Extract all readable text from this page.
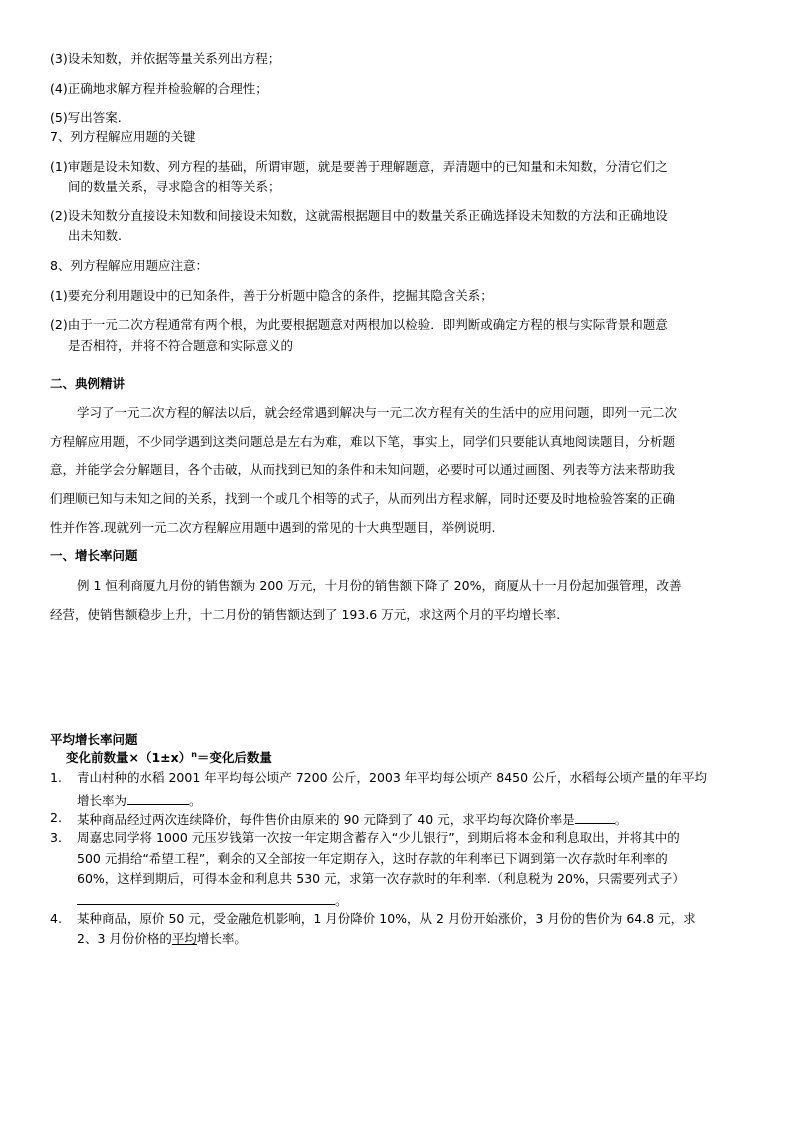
(3)设未知数，并依据等量关系列出方程；
(4)正确地求解方程并检验解的合理性；
(5)写出答案.
7、列方程解应用题的关键
(1)审题是设未知数、列方程的基础，所谓审题，就是要善于理解题意，弄清题中的已知量和未知数，分清它们之
间的数量关系，寻求隐含的相等关系；
(2)设未知数分直接设未知数和间接设未知数，这就需根据题目中的数量关系正确选择设未知数的方法和正确地设
出未知数.
8、列方程解应用题应注意：
(1)要充分利用题设中的已知条件，善于分析题中隐含的条件，挖掘其隐含关系；
(2)由于一元二次方程通常有两个根，为此要根据题意对两根加以检验．即判断或确定方程的根与实际背景和题意
是否相符，并将不符合题意和实际意义的
二、典例精讲
学习了一元二次方程的解法以后，就会经常遇到解决与一元二次方程有关的生活中的应用问题，即列一元二次
方程解应用题，不少同学遇到这类问题总是左右为难，难以下笔，事实上，同学们只要能认真地阅读题目，分析题
意，并能学会分解题目，各个击破，从而找到已知的条件和未知问题，必要时可以通过画图、列表等方法来帮助我
们理顺已知与未知之间的关系，找到一个或几个相等的式子，从而列出方程求解，同时还要及时地检验答案的正确
性并作答.现就列一元二次方程解应用题中遇到的常见的十大典型题目，举例说明.
一、增长率问题
例 1 恒利商厦九月份的销售额为 200 万元，十月份的销售额下降了 20%，商厦从十一月份起加强管理，改善
经营，使销售额稳步上升，十二月份的销售额达到了 193.6 万元，求这两个月的平均增长率.
平均增长率问题
变化前数量$\times(1\pm x)^n=$变化后数量
1. 青山村种的水稻 2001 年平均每公顷产 7200 公斤，2003 年平均每公顷产 8450 公斤，水稻每公顷产量的年平均
增长率为	。
2. 某种商品经过两次连续降价，每件售价由原来的 90 元降到了 40 元，求平均每次降价率是	。
3. 周嘉忠同学将 1000 元压岁钱第一次按一年定期含蓄存入“少儿银行”，到期后将本金和利息取出，并将其中的
500 元捐给“希望工程”，剩余的又全部按一年定期存入，这时存款的年利率已下调到第一次存款时年利率的
60%，这样到期后，可得本金和利息共 530 元，求第一次存款时的年利率.（利息税为 20%，只需要列式子）
。
4. 某种商品，原价 50 元，受金融危机影响，1 月份降价 10%，从 2 月份开始涨价，3 月份的售价为 64.8 元，求
2、3 月份价格的平均增长率。
